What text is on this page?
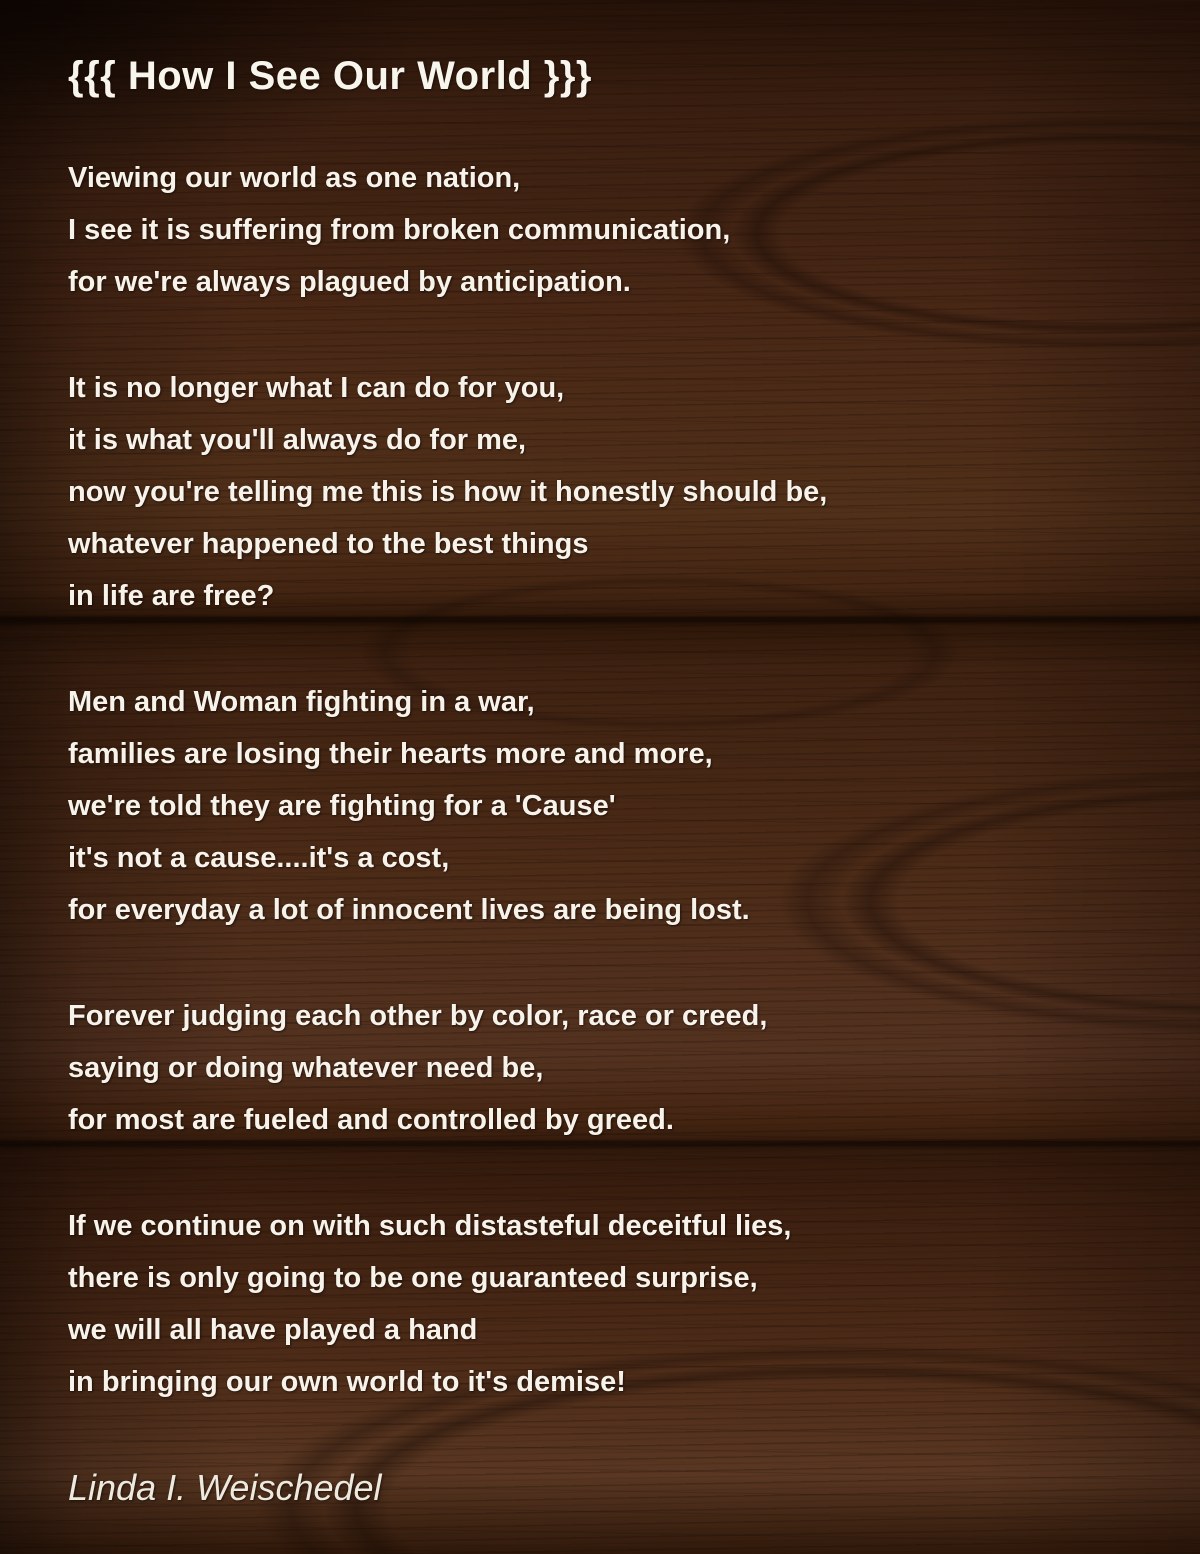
{{{ How I See Our World }}}

Viewing our world as one nation,

I see it is suffering from broken communication,

for we're always plagued by anticipation.

It is no longer what I can do for you,

it is what you'll always do for me,

now you're telling me this is how it honestly should be,

whatever happened to the best things

in life are free?

Men and Woman fighting in a war,

families are losing their hearts more and more,

we're told they are fighting for a 'Cause'

it's not a cause....it's a cost,

for everyday a lot of innocent lives are being lost.

Forever judging each other by color, race or creed,

saying or doing whatever need be,

for most are fueled and controlled by greed.

If we continue on with such distasteful deceitful lies,

there is only going to be one guaranteed surprise,

we will all have played a hand

in bringing our own world to it's demise!

Linda I. Weischedel
